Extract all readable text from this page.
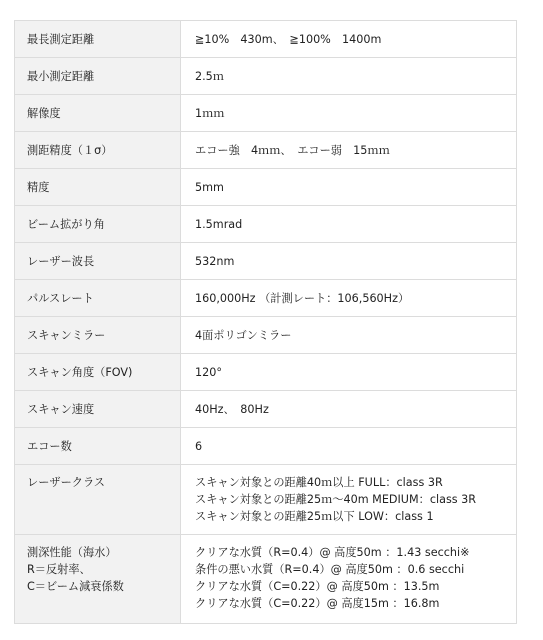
最長測定距離	≧10%　430m、　≧100%　1400m

最小測定距離	2.5ｍ

解像度	1ｍｍ

測距精度（１σ）	エコー強　4ｍｍ、　エコー弱　15ｍｍ

精度	5mm

ビーム拡がり角	1.5mrad

レーザー波長	532nm

パルスレート	160,000Hz （計測レート：106,560Hz）

スキャンミラー	4面ポリゴンミラー

スキャン角度（FOV)	120°

スキャン速度	40Hz、　80Hz

エコー数	6

レーザークラス	スキャン対象との距離40ｍ以上 FULL：class 3R
スキャン対象との距離25ｍ～40m MEDIUM：class 3R
スキャン対象との距離25ｍ以下 LOW：class 1

測深性能（海水）
R＝反射率、
C＝ビーム減衰係数	クリアな水質（R=0.4）@ 高度50m ：1.43 secchi※
条件の悪い水質（R=0.4）@ 高度50m ：0.6 secchi
クリアな水質（C=0.22）@ 高度50m ：13.5m
クリアな水質（C=0.22）@ 高度15m ：16.8m
